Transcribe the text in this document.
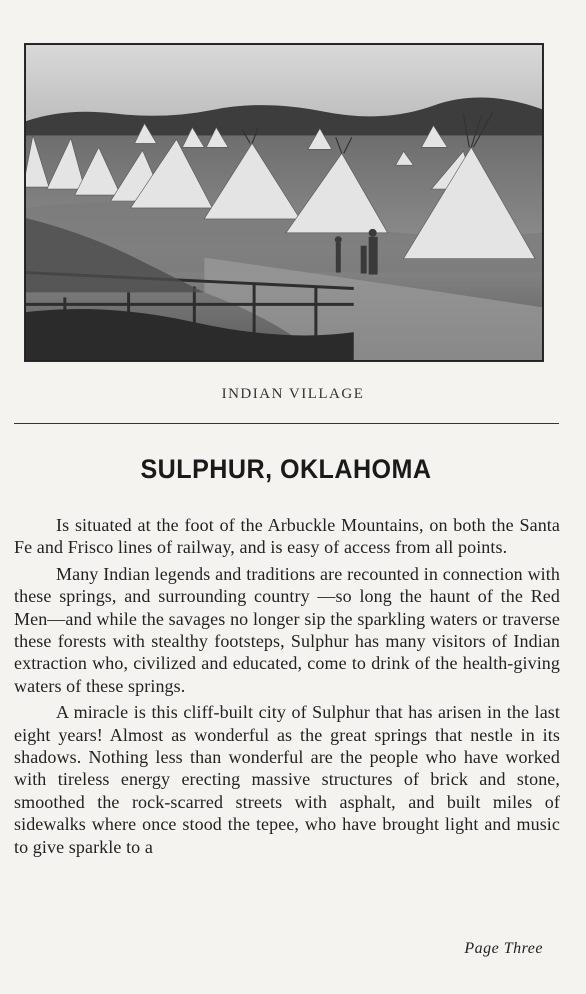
INDIAN VILLAGE
SULPHUR, OKLAHOMA

Is situated at the foot of the Arbuckle Mountains, on both the Santa Fe and Frisco lines of railway, and is easy of access from all points.

Many Indian legends and traditions are recounted in connection with these springs, and surrounding country —so long the haunt of the Red Men—and while the savages no longer sip the sparkling waters or traverse these forests with stealthy footsteps, Sulphur has many visitors of Indian extraction who, civilized and educated, come to drink of the health-giving waters of these springs.

A miracle is this cliff-built city of Sulphur that has arisen in the last eight years! Almost as wonderful as the great springs that nestle in its shadows. Nothing less than wonderful are the people who have worked with tireless energy erecting massive structures of brick and stone, smoothed the rock-scarred streets with asphalt, and built miles of sidewalks where once stood the tepee, who have brought light and music to give sparkle to a

Page Three
